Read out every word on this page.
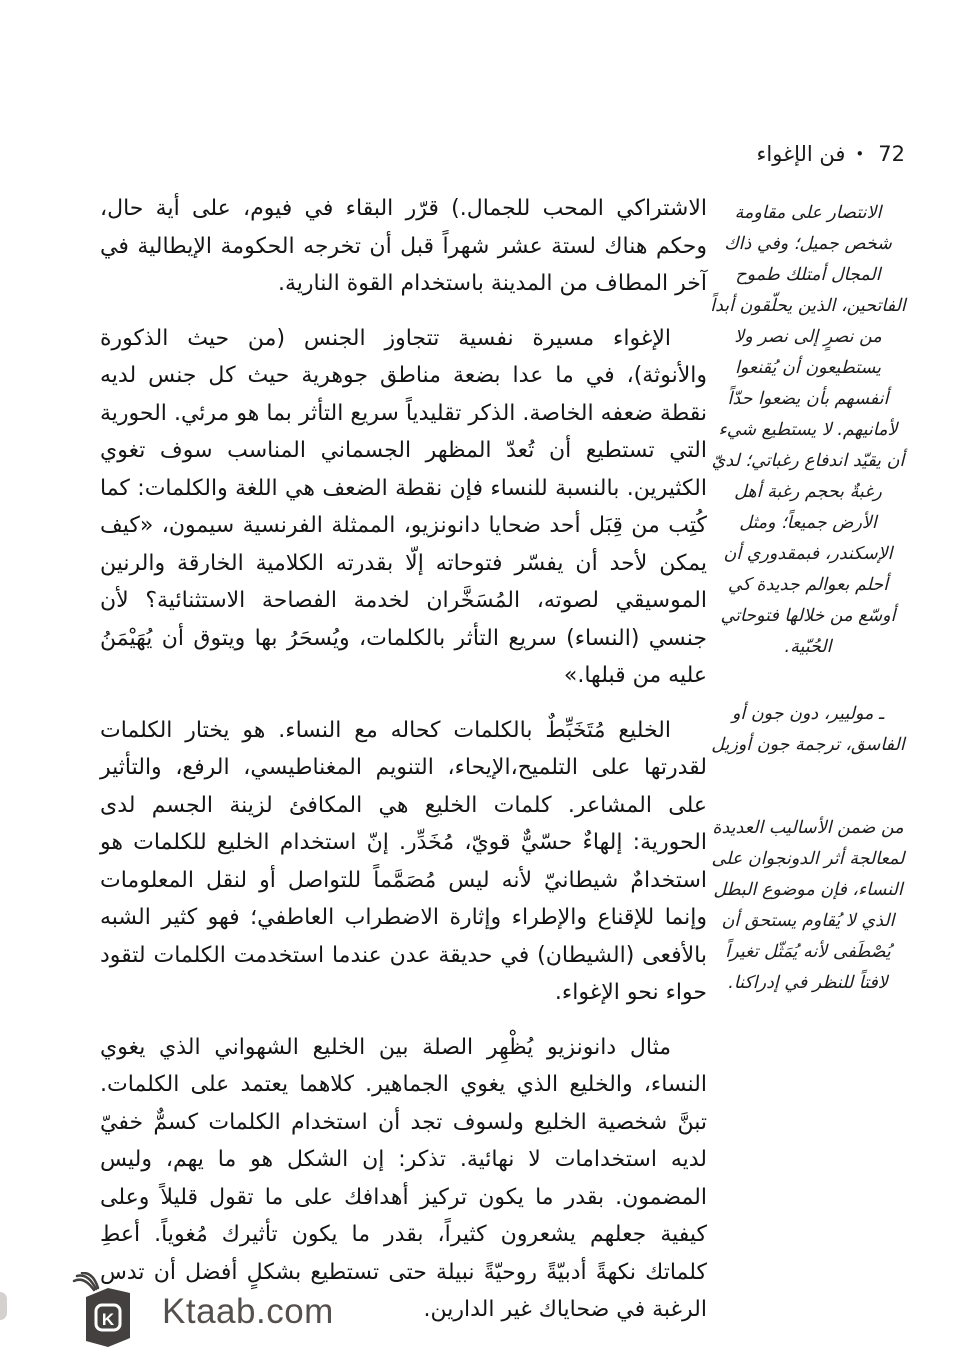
72•فن الإغواء

الاشتراكي المحب للجمال.) قرّر البقاء في فيوم، على أية حال، وحكم هناك لستة عشر شهراً قبل أن تخرجه الحكومة الإيطالية في آخر المطاف من المدينة باستخدام القوة النارية.

الإغواء مسيرة نفسية تتجاوز الجنس (من حيث الذكورة والأنوثة)، في ما عدا بضعة مناطق جوهرية حيث كل جنس لديه نقطة ضعفه الخاصة. الذكر تقليدياً سريع التأثر بما هو مرئي. الحورية التي تستطيع أن تُعدّ المظهر الجسماني المناسب سوف تغوي الكثيرين. بالنسبة للنساء فإن نقطة الضعف هي اللغة والكلمات: كما كُتِب من قِبَل أحد ضحايا دانونزيو، الممثلة الفرنسية سيمون، «كيف يمكن لأحد أن يفسّر فتوحاته إلّا بقدرته الكلامية الخارقة والرنين الموسيقي لصوته، المُسَخَّران لخدمة الفصاحة الاستثنائية؟ لأن جنسي (النساء) سريع التأثر بالكلمات، ويُسحَرُ بها ويتوق أن يُهَيْمَنُ عليه من قبلها.»

الخليع مُتَخَبِّطٌ بالكلمات كحاله مع النساء. هو يختار الكلمات لقدرتها على التلميح،الإيحاء، التنويم المغناطيسي، الرفع، والتأثير على المشاعر. كلمات الخليع هي المكافئ لزينة الجسم لدى الحورية: إلهاءٌ حسّيٌّ قويّ، مُخَدِّر. إنّ استخدام الخليع للكلمات هو استخدامٌ شيطانيّ لأنه ليس مُصَمَّماً للتواصل أو لنقل المعلومات وإنما للإقناع والإطراء وإثارة الاضطراب العاطفي؛ فهو كثير الشبه بالأفعى (الشيطان) في حديقة عدن عندما استخدمت الكلمات لتقود حواء نحو الإغواء.

مثال دانونزيو يُظْهِر الصلة بين الخليع الشهواني الذي يغوي النساء، والخليع الذي يغوي الجماهير. كلاهما يعتمد على الكلمات. تبنَّ شخصية الخليع ولسوف تجد أن استخدام الكلمات كسمٌّ خفيّ لديه استخدامات لا نهائية. تذكر: إن الشكل هو ما يهم، وليس المضمون. بقدر ما يكون تركيز أهدافك على ما تقول قليلاً وعلى كيفية جعلهم يشعرون كثيراً، بقدر ما يكون تأثيرك مُغوياً. أعطِ كلماتك نكهةً أدبيّةً روحيّةً نبيلة حتى تستطيع بشكلٍ أفضل أن تدس الرغبة في ضحاياك غير الدارين.

الانتصار على مقاومة شخص جميل؛ وفي ذاك المجال أمتلك طموح الفاتحين، الذين يحلّقون أبداً من نصرٍ إلى نصر ولا يستطيعون أن يُقنعوا أنفسهم بأن يضعوا حدّاً لأمانيهم. لا يستطيع شيء أن يقيّد اندفاع رغباتي؛ لديّ رغبةٌ بحجم رغبة أهل الأرض جميعاً؛ ومثل الإسكندر، فبمقدوري أن أحلم بعوالم جديدة كي أوسّع من خلالها فتوحاتي الحُبّية.
ـ موليير، دون جون أو الفاسق، ترجمة جون أوزيل
من ضمن الأساليب العديدة لمعالجة أثر الدونجوان على النساء، فإن موضوع البطل الذي لا يُقاوم يستحق أن يُصْطَفى لأنه يُمَثّل تغيراً لافتاً للنظر في إدراكنا.
K Ktaab.com
